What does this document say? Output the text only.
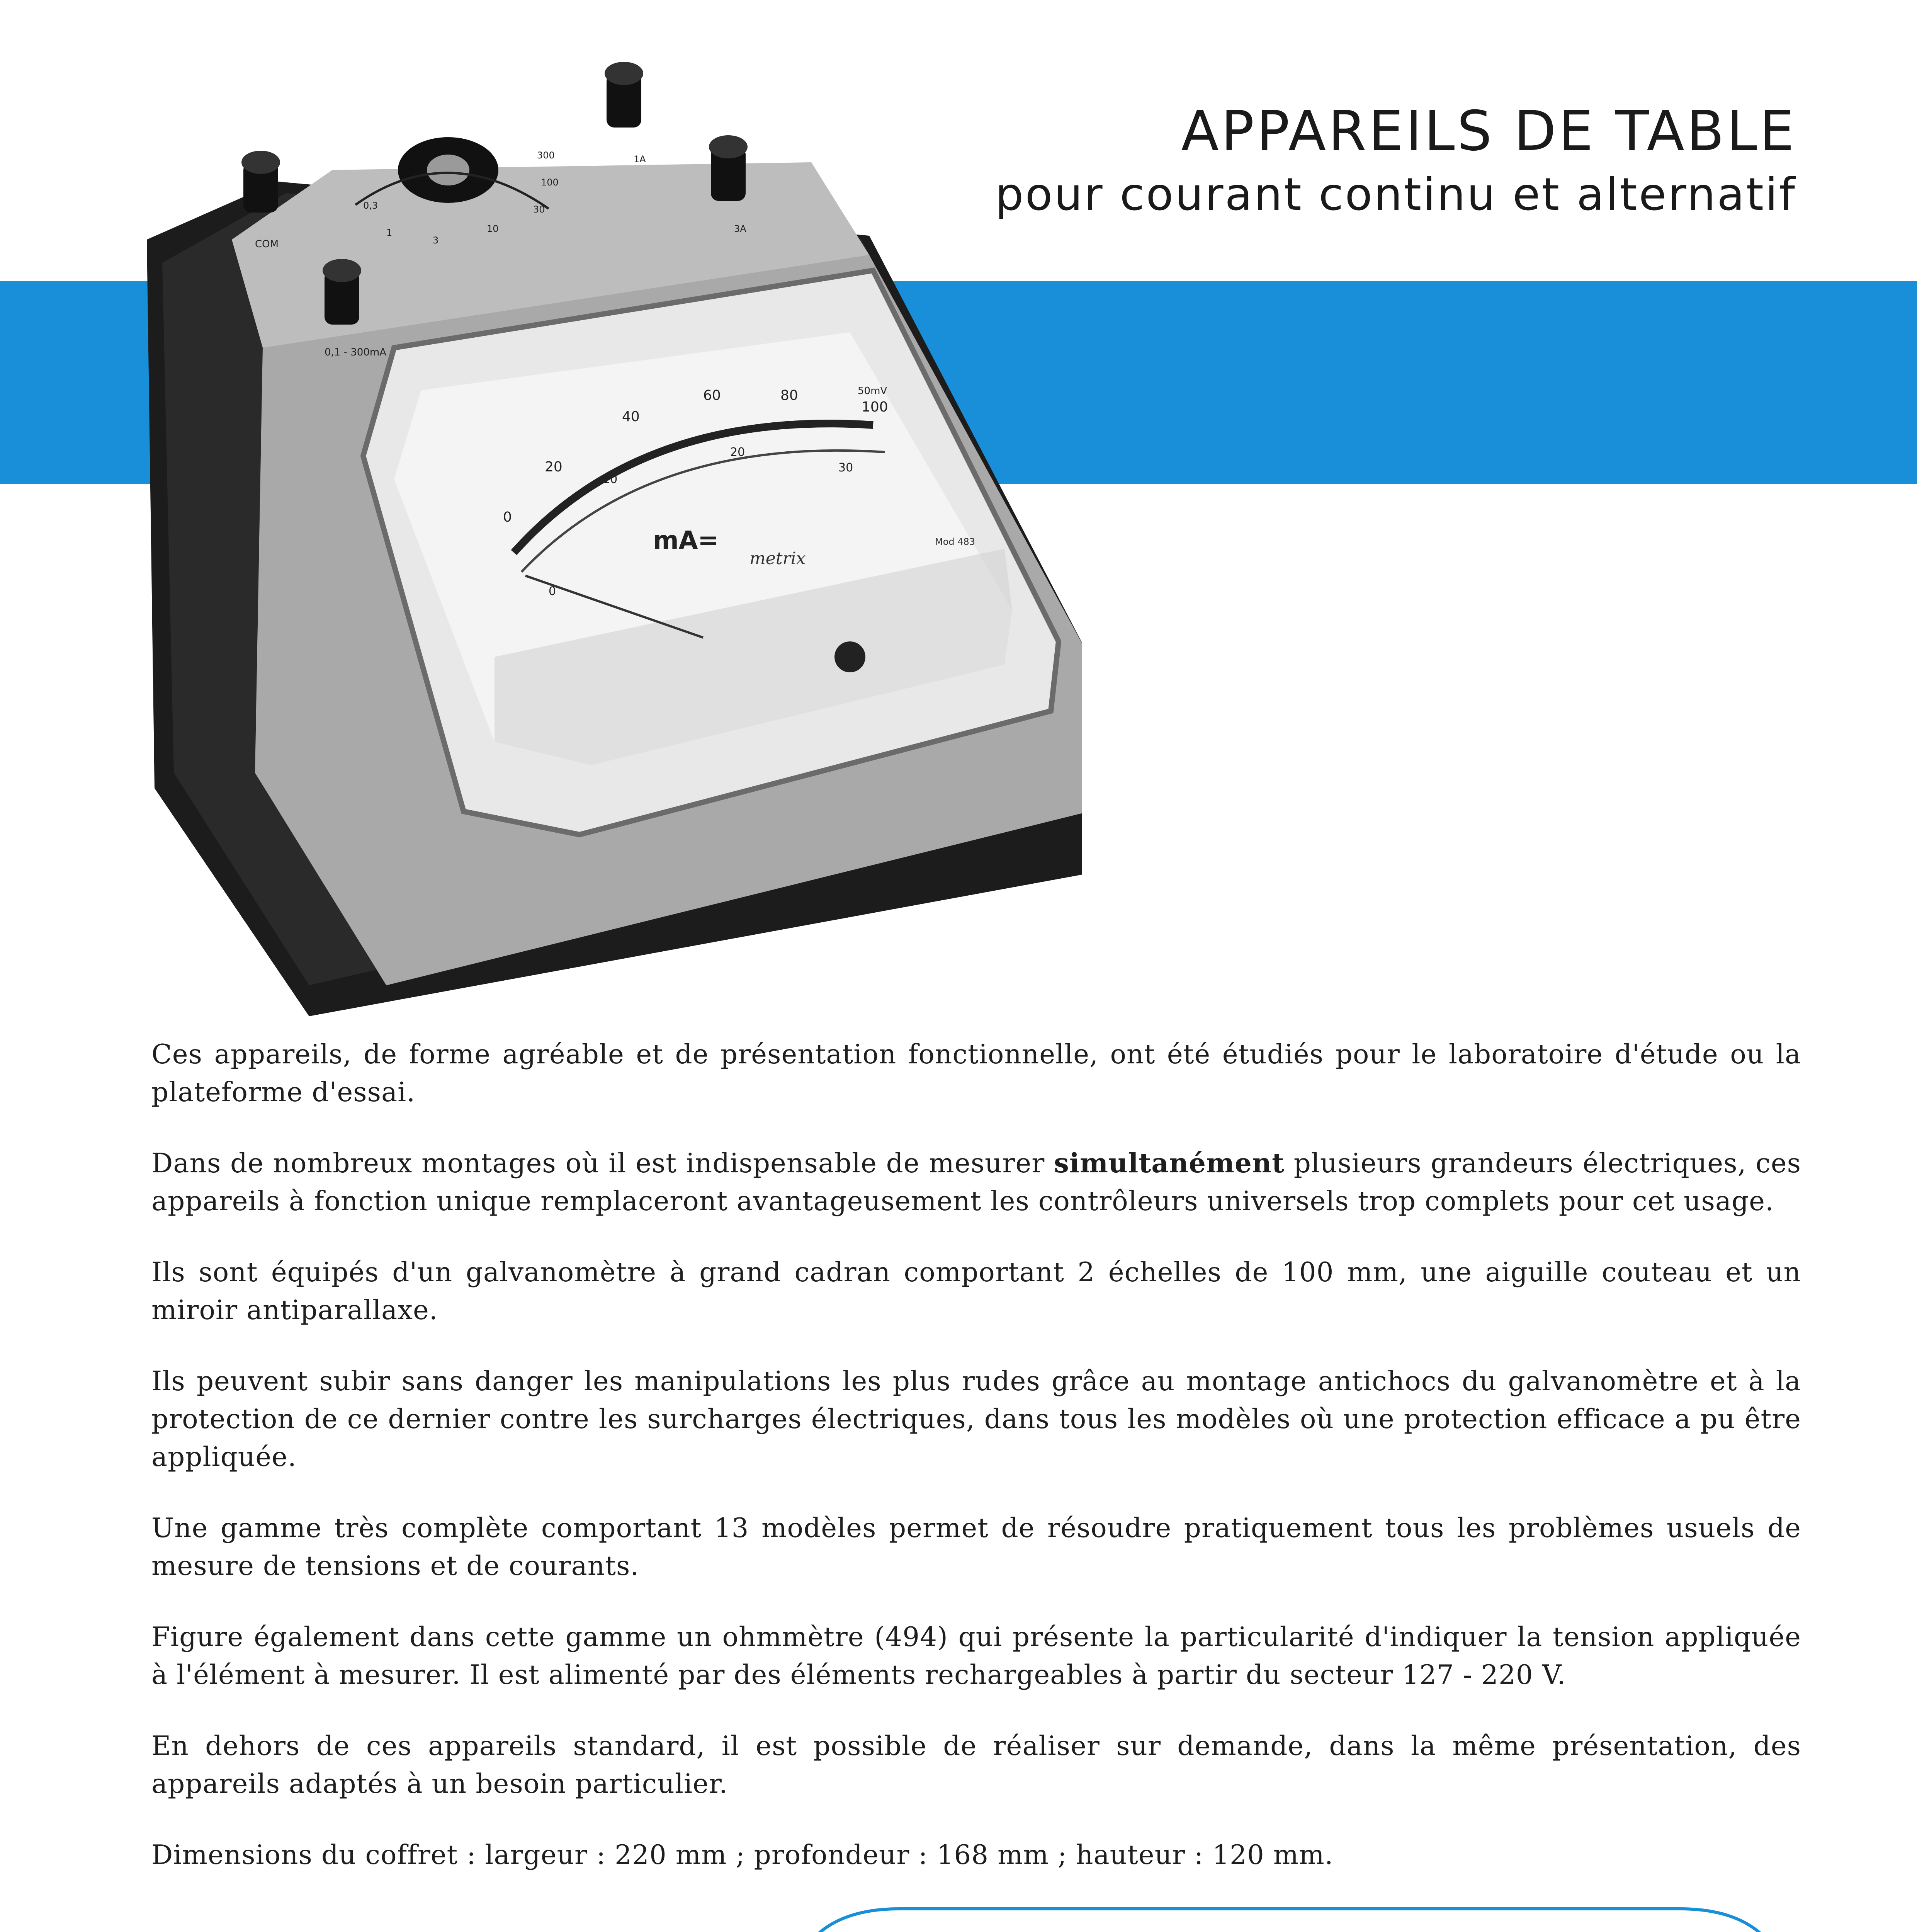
0
20
40
60	80
100
50mV
0
10
20
30
mA=
metrix
Mod 483
0,3
1
3
10
30
100
300
COM
0,1 - 300mA
1A
3A
APPAREILS DE TABLE
pour courant continu et alternatif

Ces appareils, de forme agréable et de présentation fonctionnelle, ont été étudiés pour le laboratoire d'étude ou la plateforme d'essai.

Dans de nombreux montages où il est indispensable de mesurer simultanément plusieurs grandeurs électriques, ces appareils à fonction unique remplaceront avantageusement les contrôleurs universels trop complets pour cet usage.

Ils sont équipés d'un galvanomètre à grand cadran comportant 2 échelles de 100 mm, une aiguille couteau et un miroir antiparallaxe.

Ils peuvent subir sans danger les manipulations les plus rudes grâce au montage antichocs du galvanomètre et à la protection de ce dernier contre les surcharges électriques, dans tous les modèles où une protection efficace a pu être appliquée.

Une gamme très complète comportant 13 modèles permet de résoudre pratiquement tous les problèmes usuels de mesure de tensions et de courants.

Figure également dans cette gamme un ohmmètre (494) qui présente la particularité d'indiquer la tension appliquée à l'élément à mesurer. Il est alimenté par des éléments rechargeables à partir du secteur 127 - 220 V.

En dehors de ces appareils standard, il est possible de réaliser sur demande, dans la même présentation, des appareils adaptés à un besoin particulier.

Dimensions du coffret : largeur : 220 mm ; profondeur : 168 mm ; hauteur : 120 mm.
